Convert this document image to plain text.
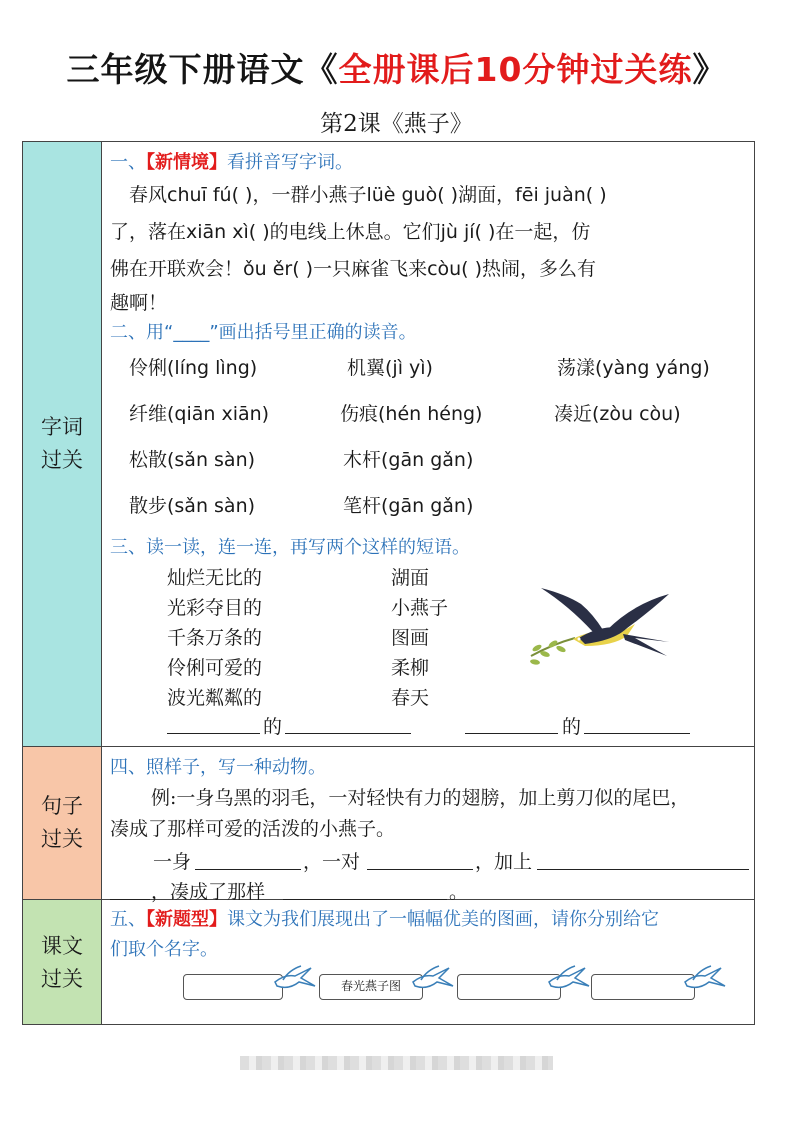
三年级下册语文《全册课后10分钟过关练》
第2课《燕子》
字词
过关
一、【新情境】看拼音写字词。
春风chuī fú( )，一群小燕子lüè guò( )湖面，fēi juàn( )
了，落在xiān xì( )的电线上休息。它们jù jí( )在一起，仿
佛在开联欢会！ǒu ěr( )一只麻雀飞来còu( )热闹，多么有
趣啊！
二、用“____”画出括号里正确的读音。
伶俐(líng lìng)	机翼(jì yì)	荡漾(yàng yáng)
纤维(qiān xiān)	伤痕(hén héng)	凑近(zòu còu)
松散(sǎn sàn)	木杆(gān gǎn)
散步(sǎn sàn)	笔杆(gān gǎn)
三、读一读，连一连，再写两个这样的短语。
灿烂无比的
光彩夺目的
千条万条的
伶俐可爱的
波光粼粼的
湖面
小燕子
图画
柔柳
春天
的	的
句子
过关
四、照样子，写一种动物。
例:一身乌黑的羽毛，一对轻快有力的翅膀，加上剪刀似的尾巴，
凑成了那样可爱的活泼的小燕子。
一身	，一对	，加上
，凑成了那样	。
课文
过关
五、【新题型】课文为我们展现出了一幅幅优美的图画，请你分别给它
们取个名字。
春光燕子图
